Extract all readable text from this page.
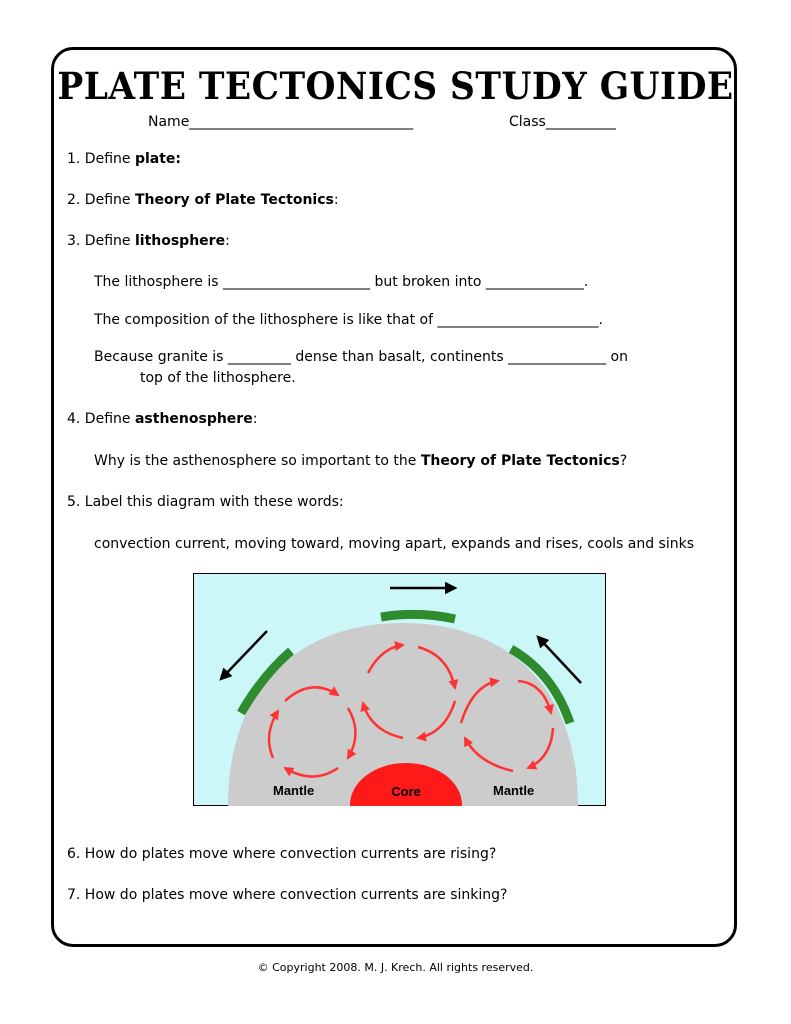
PLATE TECTONICS STUDY GUIDE
Name________________________________	Class__________
1. Define plate:
2. Define Theory of Plate Tectonics:
3. Define lithosphere:
The lithosphere is _____________________ but broken into ______________.
The composition of the lithosphere is like that of _______________________.
Because granite is _________ dense than basalt, continents ______________ on
top of the lithosphere.
4. Define asthenosphere:
Why is the asthenosphere so important to the Theory of Plate Tectonics?
5. Label this diagram with these words:
convection current, moving toward, moving apart, expands and rises, cools and sinks
Mantle	Core	Mantle
6. How do plates move where convection currents are rising?
7. How do plates move where convection currents are sinking?
© Copyright 2008. M. J. Krech. All rights reserved.
